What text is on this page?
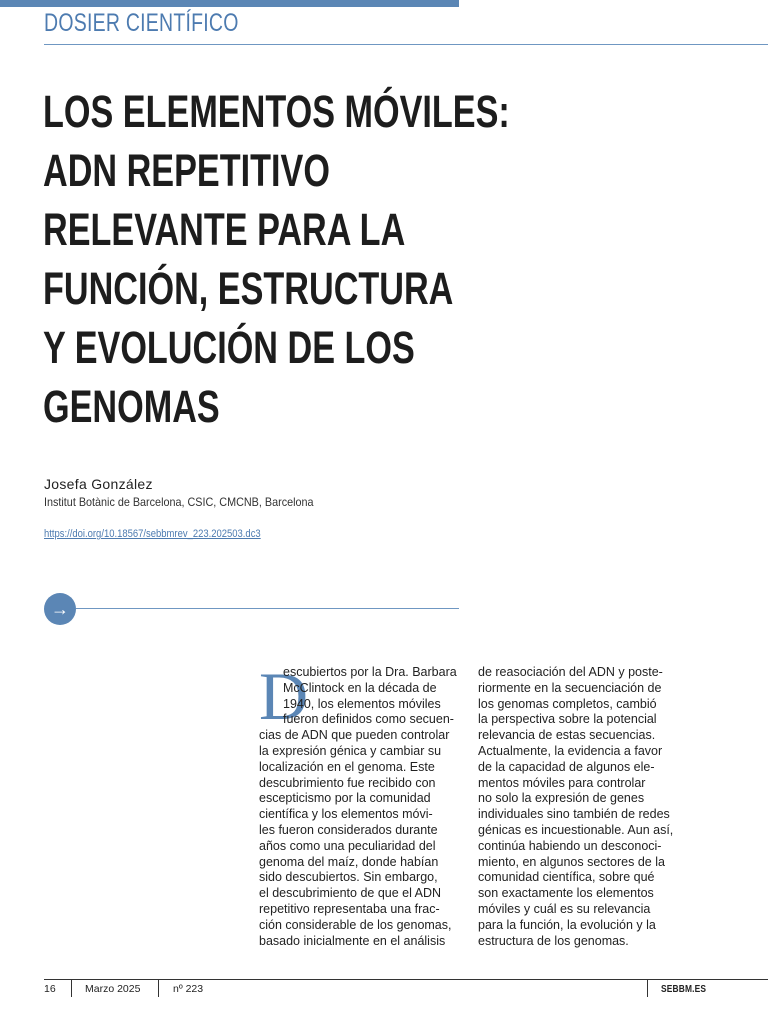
DOSIER CIENTÍFICO

LOS ELEMENTOS MÓVILES:
ADN REPETITIVO
RELEVANTE PARA LA
FUNCIÓN, ESTRUCTURA
Y EVOLUCIÓN DE LOS
GENOMAS

Josefa González

Institut Botànic de Barcelona, CSIC, CMCNB, Barcelona

https://doi.org/10.18567/sebbmrev_223.202503.dc3
→
D
escubiertos por la Dra. Barbara
McClintock en la década de
1940, los elementos móviles
fueron definidos como secuen-
cias de ADN que pueden controlar
la expresión génica y cambiar su
localización en el genoma. Este
descubrimiento fue recibido con
escepticismo por la comunidad
científica y los elementos móvi-
les fueron considerados durante
años como una peculiaridad del
genoma del maíz, donde habían
sido descubiertos. Sin embargo,
el descubrimiento de que el ADN
repetitivo representaba una frac-
ción considerable de los genomas,
basado inicialmente en el análisis
de reasociación del ADN y poste-
riormente en la secuenciación de
los genomas completos, cambió
la perspectiva sobre la potencial
relevancia de estas secuencias.
Actualmente, la evidencia a favor
de la capacidad de algunos ele-
mentos móviles para controlar
no solo la expresión de genes
individuales sino también de redes
génicas es incuestionable. Aun así,
continúa habiendo un desconoci-
miento, en algunos sectores de la
comunidad científica, sobre qué
son exactamente los elementos
móviles y cuál es su relevancia
para la función, la evolución y la
estructura de los genomas.
16	Marzo 2025	nº 223	SEBBM.ES
